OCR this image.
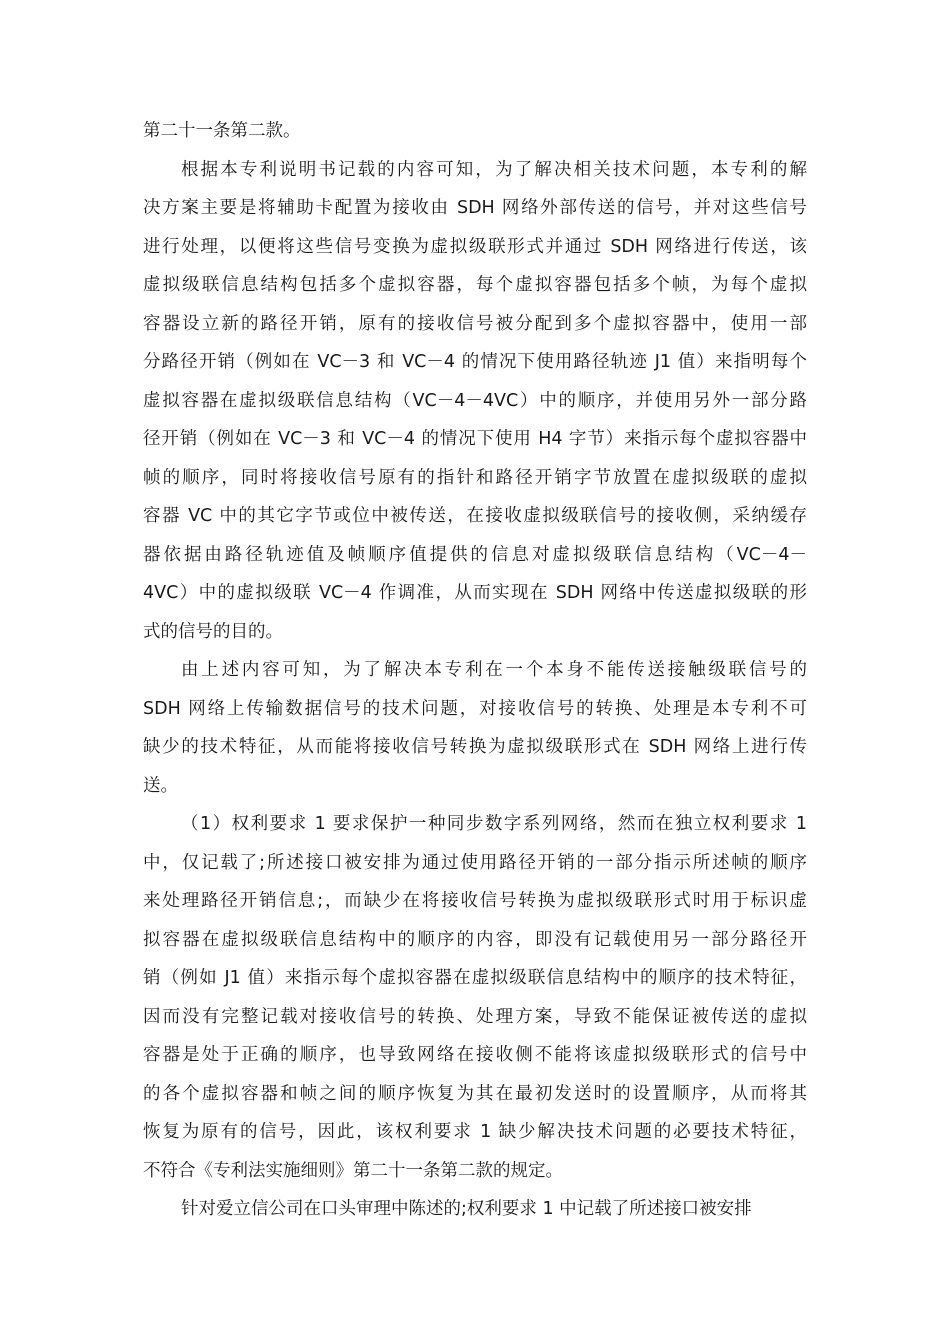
第二十一条第二款。
根据本专利说明书记载的内容可知，为了解决相关技术问题，本专利的解
决方案主要是将辅助卡配置为接收由 SDH 网络外部传送的信号，并对这些信号
进行处理，以便将这些信号变换为虚拟级联形式并通过 SDH 网络进行传送，该
虚拟级联信息结构包括多个虚拟容器，每个虚拟容器包括多个帧，为每个虚拟
容器设立新的路径开销，原有的接收信号被分配到多个虚拟容器中，使用一部
分路径开销（例如在 VC－3 和 VC－4 的情况下使用路径轨迹 J1 值）来指明每个
虚拟容器在虚拟级联信息结构（VC－4－4VC）中的顺序，并使用另外一部分路
径开销（例如在 VC－3 和 VC－4 的情况下使用 H4 字节）来指示每个虚拟容器中
帧的顺序，同时将接收信号原有的指针和路径开销字节放置在虚拟级联的虚拟
容器 VC 中的其它字节或位中被传送，在接收虚拟级联信号的接收侧，采纳缓存
器依据由路径轨迹值及帧顺序值提供的信息对虚拟级联信息结构（VC－4－
4VC）中的虚拟级联 VC－4 作调准，从而实现在 SDH 网络中传送虚拟级联的形
式的信号的目的。
由上述内容可知，为了解决本专利在一个本身不能传送接触级联信号的
SDH 网络上传输数据信号的技术问题，对接收信号的转换、处理是本专利不可
缺少的技术特征，从而能将接收信号转换为虚拟级联形式在 SDH 网络上进行传
送。
（1）权利要求 1 要求保护一种同步数字系列网络，然而在独立权利要求 1
中，仅记载了;所述接口被安排为通过使用路径开销的一部分指示所述帧的顺序
来处理路径开销信息;，而缺少在将接收信号转换为虚拟级联形式时用于标识虚
拟容器在虚拟级联信息结构中的顺序的内容，即没有记载使用另一部分路径开
销（例如 J1 值）来指示每个虚拟容器在虚拟级联信息结构中的顺序的技术特征，
因而没有完整记载对接收信号的转换、处理方案，导致不能保证被传送的虚拟
容器是处于正确的顺序，也导致网络在接收侧不能将该虚拟级联形式的信号中
的各个虚拟容器和帧之间的顺序恢复为其在最初发送时的设置顺序，从而将其
恢复为原有的信号，因此，该权利要求 1 缺少解决技术问题的必要技术特征，
不符合《专利法实施细则》第二十一条第二款的规定。
针对爱立信公司在口头审理中陈述的;权利要求 1 中记载了所述接口被安排
